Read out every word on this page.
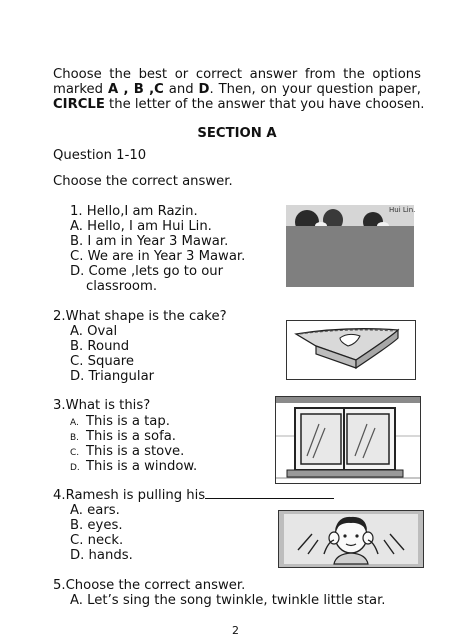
Choose the best or correct answer from the options
marked A , B ,C and D. Then, on your question paper,
CIRCLE the letter of the answer that you have choosen.
SECTION A
Question 1-10
Choose the correct answer.
1. Hello,I am Razin.
A. Hello, I am Hui Lin.
B. I am in Year 3 Mawar.
C. We are in Year 3 Mawar.
D. Come ,lets go to our
classroom.
Hui Lin.
2.What shape is the cake?
A. Oval
B. Round
C. Square
D. Triangular
3.What is this?
A. This is a tap.
B. This is a sofa.
C. This is a stove.
D. This is a window.
4.Ramesh is pulling his
A. ears.
B. eyes.
C. neck.
D. hands.
5.Choose the correct answer.
A. Let’s sing the song twinkle, twinkle little star.
2
